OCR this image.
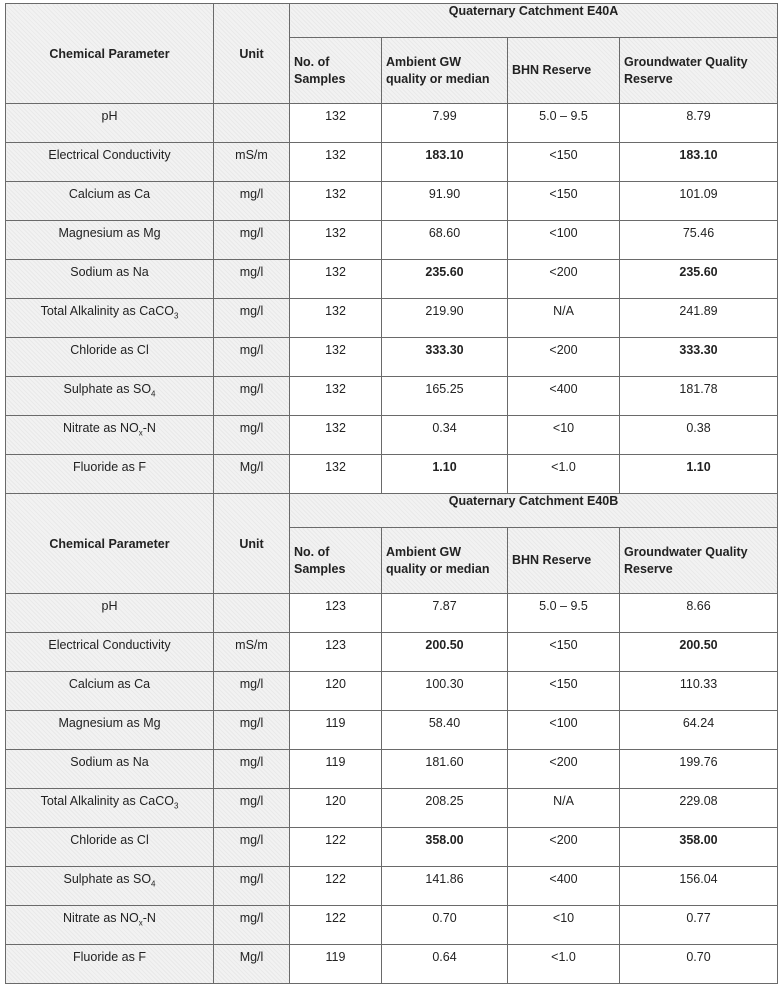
Chemical Parameter	Unit	Quaternary Catchment E40A			
		No. of Samples	Ambient GW quality or median	BHN Reserve	Groundwater Quality Reserve
pH		132	7.99	5.0 – 9.5	8.79
Electrical Conductivity	mS/m	132	183.10	<150	183.10
Calcium as Ca	mg/l	132	91.90	<150	101.09
Magnesium as Mg	mg/l	132	68.60	<100	75.46
Sodium as Na	mg/l	132	235.60	<200	235.60
Total Alkalinity as CaCO$_3$	mg/l	132	219.90	N/A	241.89
Chloride as Cl	mg/l	132	333.30	<200	333.30
Sulphate as $SO_4$	mg/l	132	165.25	<400	181.78
Nitrate as $NO_x-N$	mg/l	132	0.34	<10	0.38
Fluoride as F	Mg/l	132	1.10	<1.0	1.10
Chemical Parameter	Unit	Quaternary Catchment E40B			
		No. of Samples	Ambient GW quality or median	BHN Reserve	Groundwater Quality Reserve
pH		123	7.87	5.0 – 9.5	8.66
Electrical Conductivity	mS/m	123	200.50	<150	200.50
Calcium as Ca	mg/l	120	100.30	<150	110.33
Magnesium as Mg	mg/l	119	58.40	<100	64.24
Sodium as Na	mg/l	119	181.60	<200	199.76
Total Alkalinity as CaCO$_3$	mg/l	120	208.25	N/A	229.08
Chloride as Cl	mg/l	122	358.00	<200	358.00
Sulphate as $SO_4$	mg/l	122	141.86	<400	156.04
Nitrate as $NO_x-N$	mg/l	122	0.70	<10	0.77
Fluoride as F	Mg/l	119	0.64	<1.0	0.70
